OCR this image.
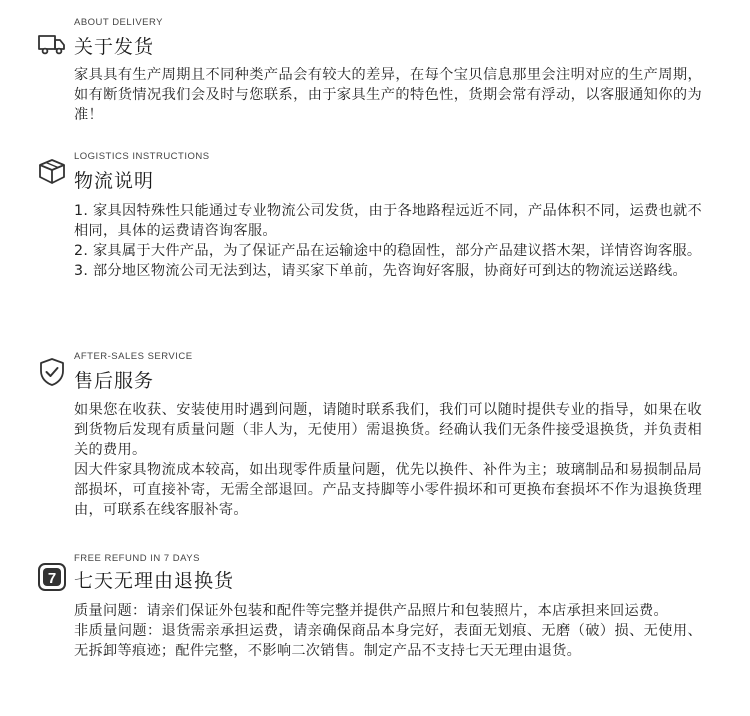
ABOUT DELIVERY
关于发货

家具具有生产周期且不同种类产品会有较大的差异，在每个宝贝信息那里会注明对应的生产周期，如有断货情况我们会及时与您联系，由于家具生产的特色性，货期会常有浮动，以客服通知你的为准！

LOGISTICS INSTRUCTIONS
物流说明

1. 家具因特殊性只能通过专业物流公司发货，由于各地路程远近不同，产品体积不同，运费也就不相同，具体的运费请咨询客服。

2. 家具属于大件产品，为了保证产品在运输途中的稳固性，部分产品建议搭木架，详情咨询客服。

3. 部分地区物流公司无法到达，请买家下单前，先咨询好客服，协商好可到达的物流运送路线。

AFTER-SALES SERVICE
售后服务

如果您在收获、安装使用时遇到问题，请随时联系我们，我们可以随时提供专业的指导，如果在收到货物后发现有质量问题（非人为，无使用）需退换货。经确认我们无条件接受退换货，并负责相关的费用。

因大件家具物流成本较高，如出现零件质量问题，优先以换件、补件为主；玻璃制品和易损制品局部损坏，可直接补寄，无需全部退回。产品支持脚等小零件损坏和可更换布套损坏不作为退换货理由，可联系在线客服补寄。

FREE REFUND IN 7 DAYS
7 七天无理由退换货

质量问题：请亲们保证外包装和配件等完整并提供产品照片和包装照片，本店承担来回运费。

非质量问题：退货需亲承担运费，请亲确保商品本身完好，表面无划痕、无磨（破）损、无使用、无拆卸等痕迹；配件完整，不影响二次销售。制定产品不支持七天无理由退货。
